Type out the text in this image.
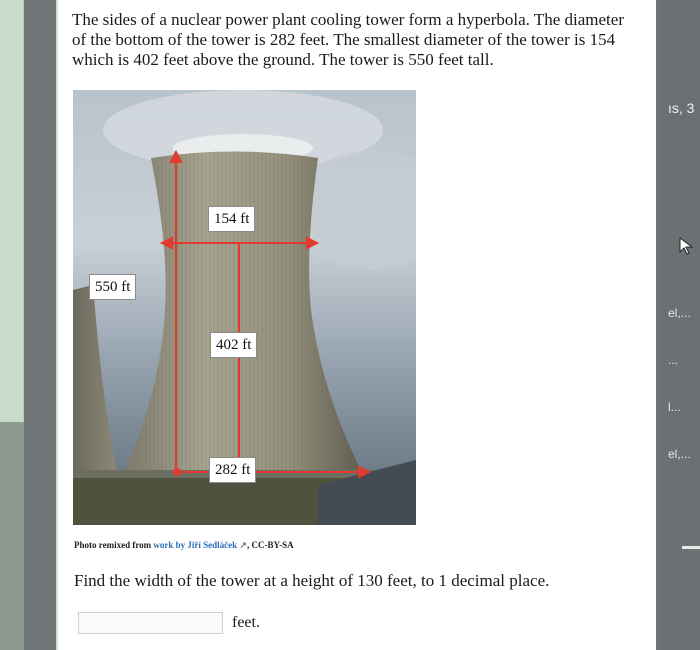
The sides of a nuclear power plant cooling tower form a hyperbola. The diameter of the bottom of the tower is 282 feet. The smallest diameter of the tower is 154 which is 402 feet above the ground. The tower is 550 feet tall.

154 ft
550 ft
402 ft
282 ft
Photo remixed from work by Jiří Sedláček ↗, CC-BY-SA

Find the width of the tower at a height of 130 feet, to 1 decimal place.

feet.
ıs, 3
el,...
...
l...
el,...
